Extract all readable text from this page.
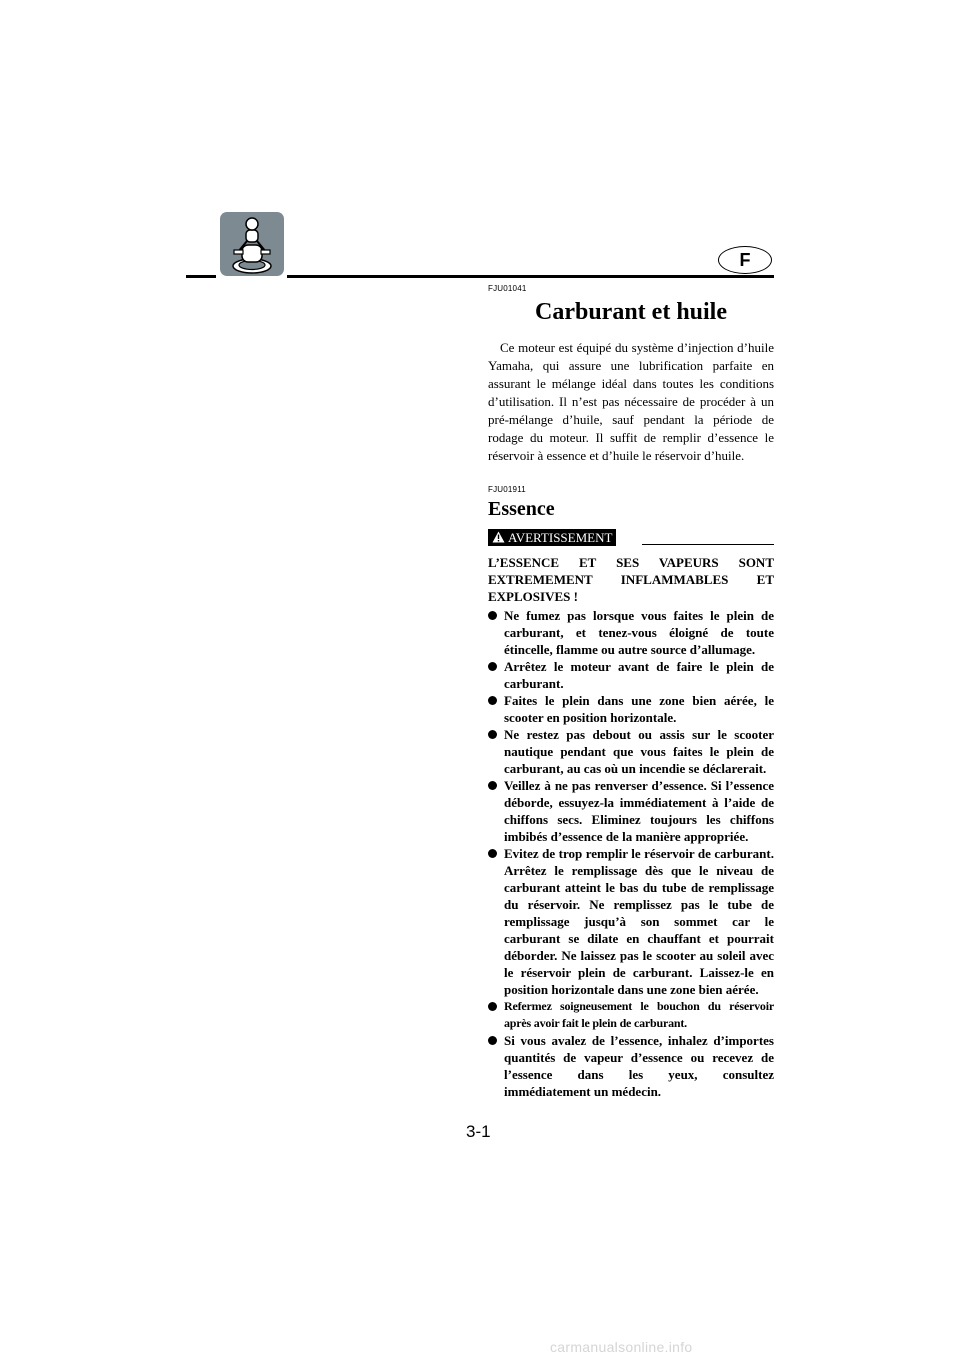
F

FJU01041

Carburant et huile

Ce moteur est équipé du système d’injection d’huile Yamaha, qui assure une lubrification parfaite en assurant le mélange idéal dans toutes les conditions d’utilisation. Il n’est pas nécessaire de procéder à un pré-mélange d’huile, sauf pendant la période de rodage du moteur. Il suffit de remplir d’essence le réservoir à essence et d’huile le réservoir d’huile.

FJU01911

Essence
AVERTISSEMENT

L’ESSENCE ET SES VAPEURS SONT EXTREMEMENT INFLAMMABLES ET EXPLOSIVES !

Ne fumez pas lorsque vous faites le plein de carburant, et tenez-vous éloigné de toute étincelle, flamme ou autre source d’allumage.
Arrêtez le moteur avant de faire le plein de carburant.
Faites le plein dans une zone bien aérée, le scooter en position horizontale.
Ne restez pas debout ou assis sur le scooter nautique pendant que vous faites le plein de carburant, au cas où un incendie se déclarerait.
Veillez à ne pas renverser d’essence. Si l’essence déborde, essuyez-la immédiatement à l’aide de chiffons secs. Eliminez toujours les chiffons imbibés d’essence de la manière appropriée.
Evitez de trop remplir le réservoir de carburant. Arrêtez le remplissage dès que le niveau de carburant atteint le bas du tube de remplissage du réservoir. Ne remplissez pas le tube de remplissage jusqu’à son sommet car le carburant se dilate en chauffant et pourrait déborder. Ne laissez pas le scooter au soleil avec le réservoir plein de carburant. Laissez-le en position horizontale dans une zone bien aérée.
Refermez soigneusement le bouchon du réservoir après avoir fait le plein de carburant.
Si vous avalez de l’essence, inhalez d’importes quantités de vapeur d’essence ou recevez de l’essence dans les yeux, consultez immédiatement un médecin.
3-1
carmanualsonline.info
